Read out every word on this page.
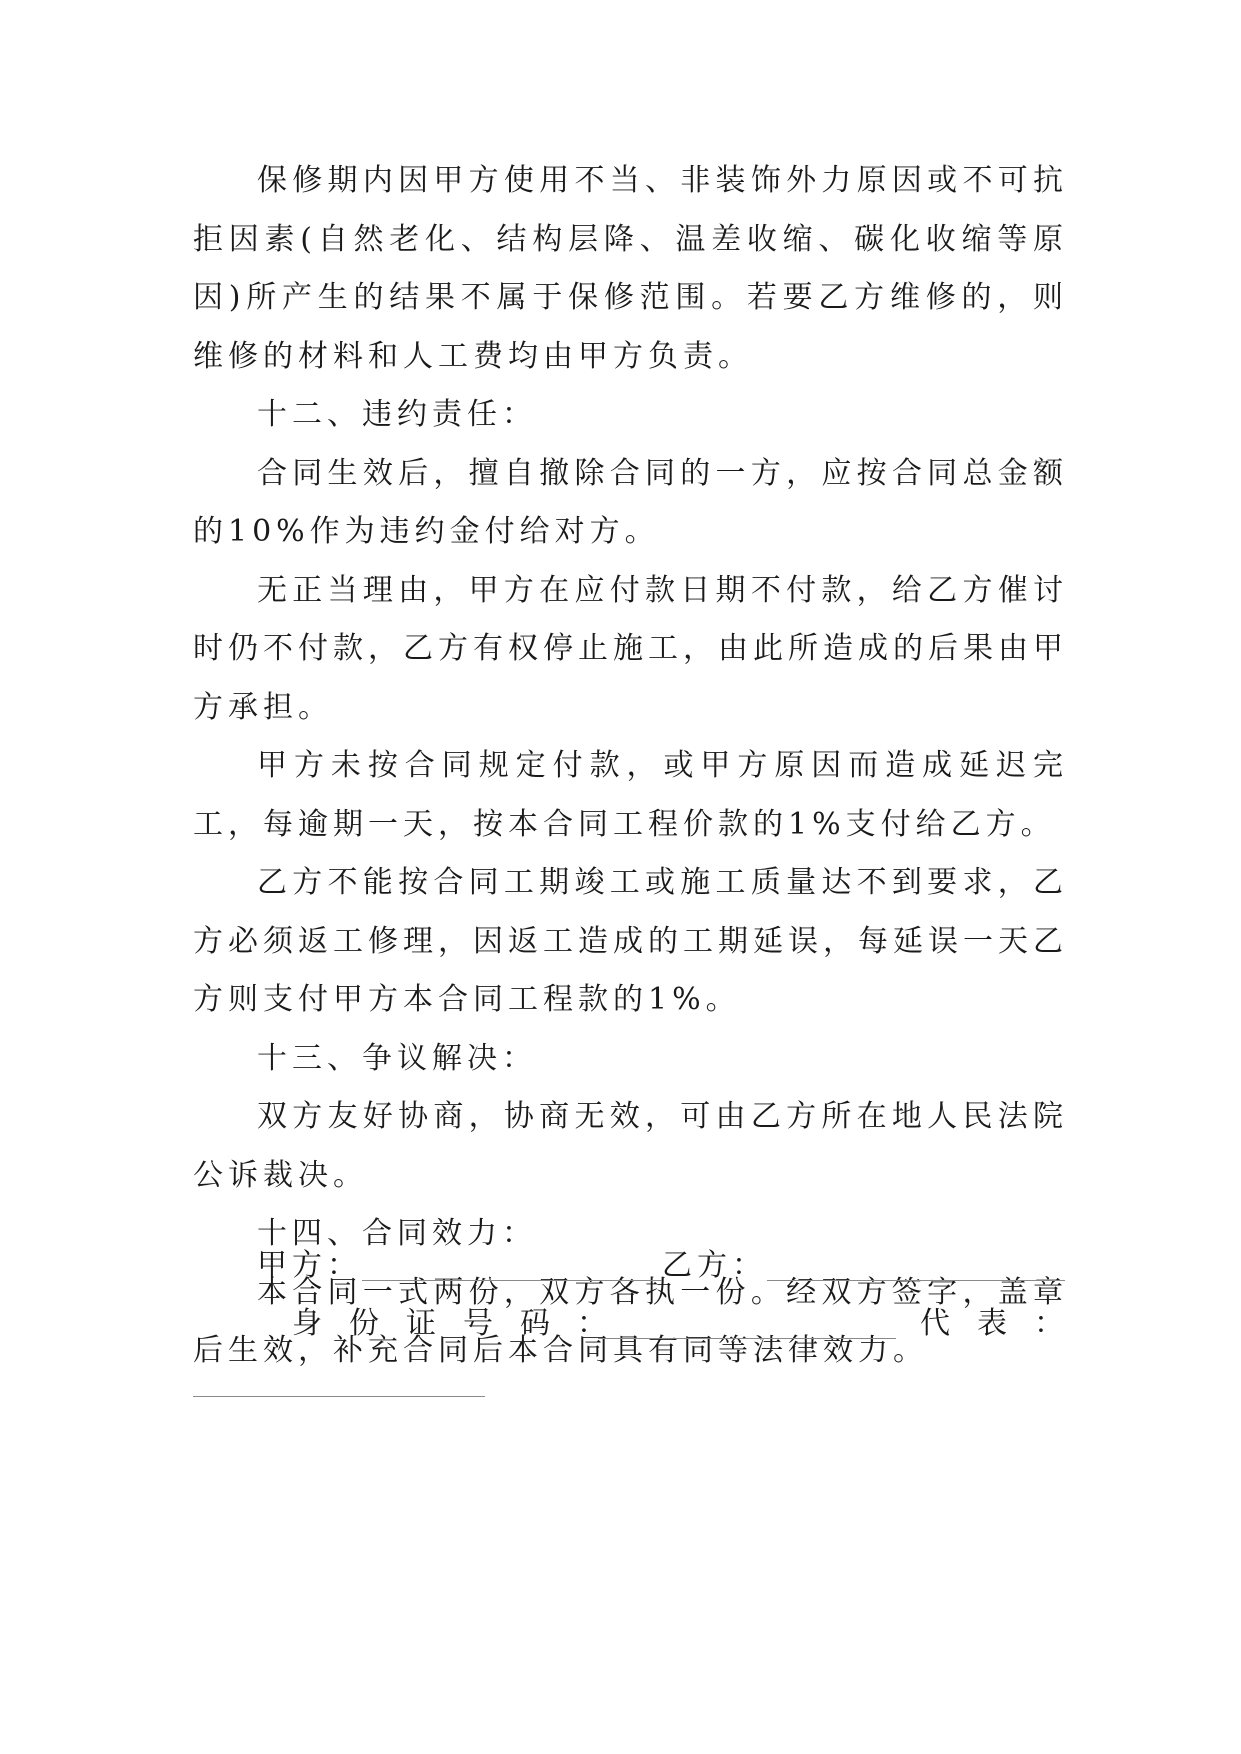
保修期内因甲方使用不当、非装饰外力原因或不可抗拒因素(自然老化、结构层降、温差收缩、碳化收缩等原因)所产生的结果不属于保修范围。若要乙方维修的，则维修的材料和人工费均由甲方负责。

十二、违约责任：

合同生效后，擅自撤除合同的一方，应按合同总金额的10%作为违约金付给对方。

无正当理由，甲方在应付款日期不付款，给乙方催讨时仍不付款，乙方有权停止施工，由此所造成的后果由甲方承担。

甲方未按合同规定付款，或甲方原因而造成延迟完工，每逾期一天，按本合同工程价款的1%支付给乙方。

乙方不能按合同工期竣工或施工质量达不到要求，乙方必须返工修理，因返工造成的工期延误，每延误一天乙方则支付甲方本合同工程款的1%。

十三、争议解决：

双方友好协商，协商无效，可由乙方所在地人民法院公诉裁决。

十四、合同效力：

本合同一式两份，双方各执一份。经双方签字，盖章后生效，补充合同后本合同具有同等法律效力。

甲方：	乙方：
身份证号码：	代表：
